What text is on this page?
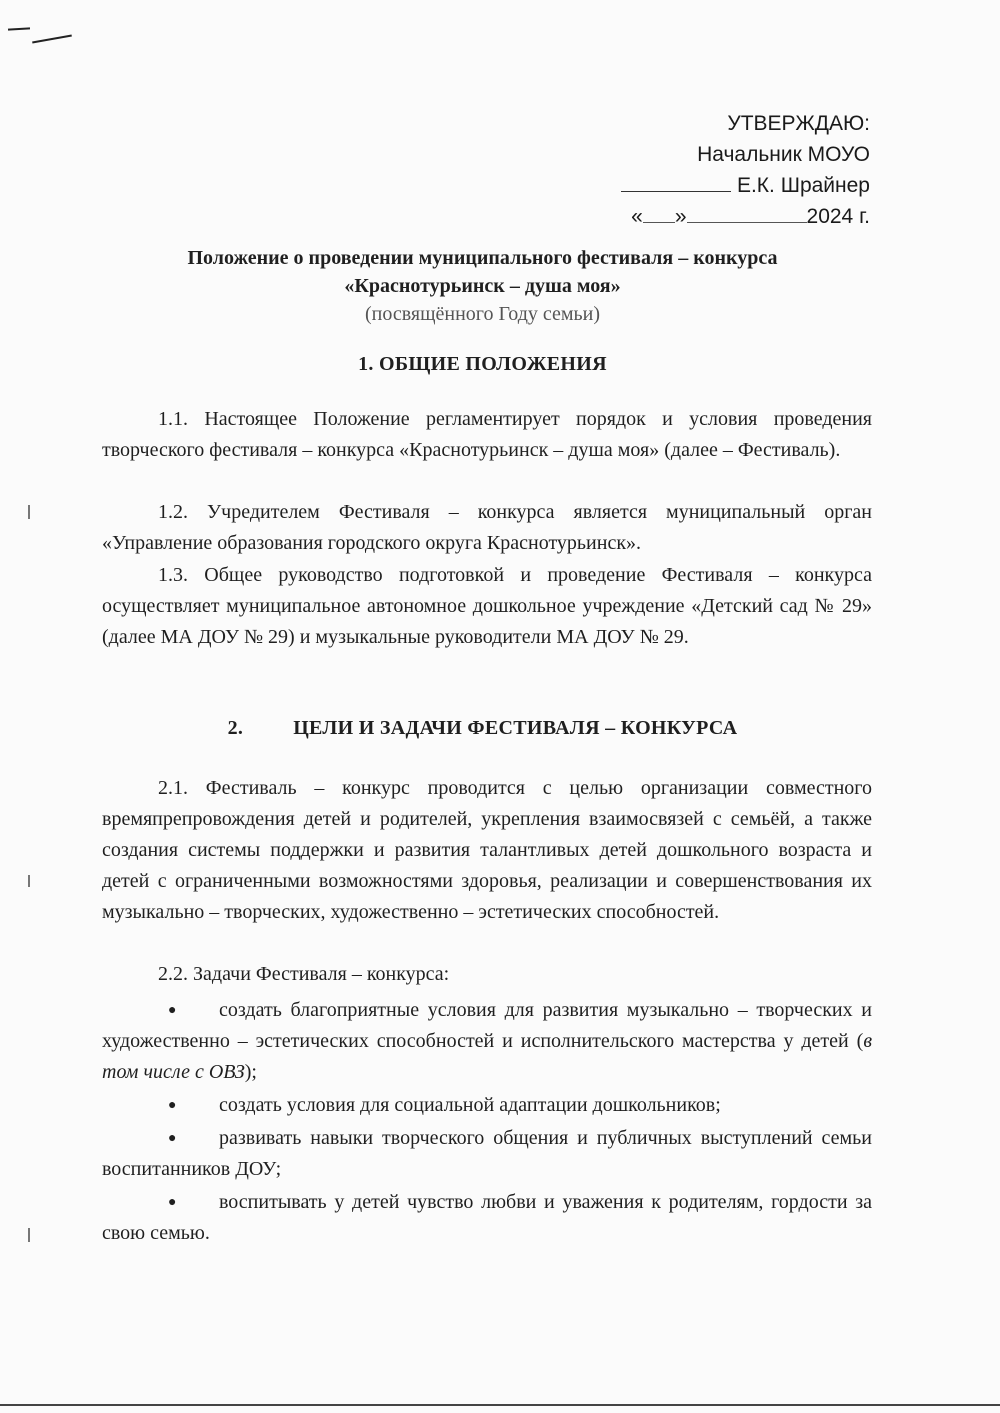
УТВЕРЖДАЮ:
Начальник МОУО
Е.К. Шрайнер
« »	2024 г.
Положение о проведении муниципального фестиваля – конкурса
«Краснотурьинск – душа моя»
(посвящённого Году семьи)
1. ОБЩИЕ ПОЛОЖЕНИЯ

1.1. Настоящее Положение регламентирует порядок и условия проведения творческого фестиваля – конкурса «Краснотурьинск – душа моя» (далее – Фестиваль).

1.2. Учредителем Фестиваля – конкурса является муниципальный орган «Управление образования городского округа Краснотурьинск».

1.3. Общее руководство подготовкой и проведение Фестиваля – конкурса осуществляет муниципальное автономное дошкольное учреждение «Детский сад № 29» (далее МА ДОУ № 29) и музыкальные руководители МА ДОУ № 29.

2.	ЦЕЛИ И ЗАДАЧИ ФЕСТИВАЛЯ – КОНКУРСА

2.1. Фестиваль – конкурс проводится с целью организации совместного времяпрепровождения детей и родителей, укрепления взаимосвязей с семьёй, а также создания системы поддержки и развития талантливых детей дошкольного возраста и детей с ограниченными возможностями здоровья, реализации и совершенствования их музыкально – творческих, художественно – эстетических способностей.

2.2. Задачи Фестиваля – конкурса:

● создать благоприятные условия для развития музыкально – творческих и художественно – эстетических способностей и исполнительского мастерства у детей (в том числе с ОВЗ);
● создать условия для социальной адаптации дошкольников;
● развивать навыки творческого общения и публичных выступлений семьи воспитанников ДОУ;
● воспитывать у детей чувство любви и уважения к родителям, гордости за свою семью.
